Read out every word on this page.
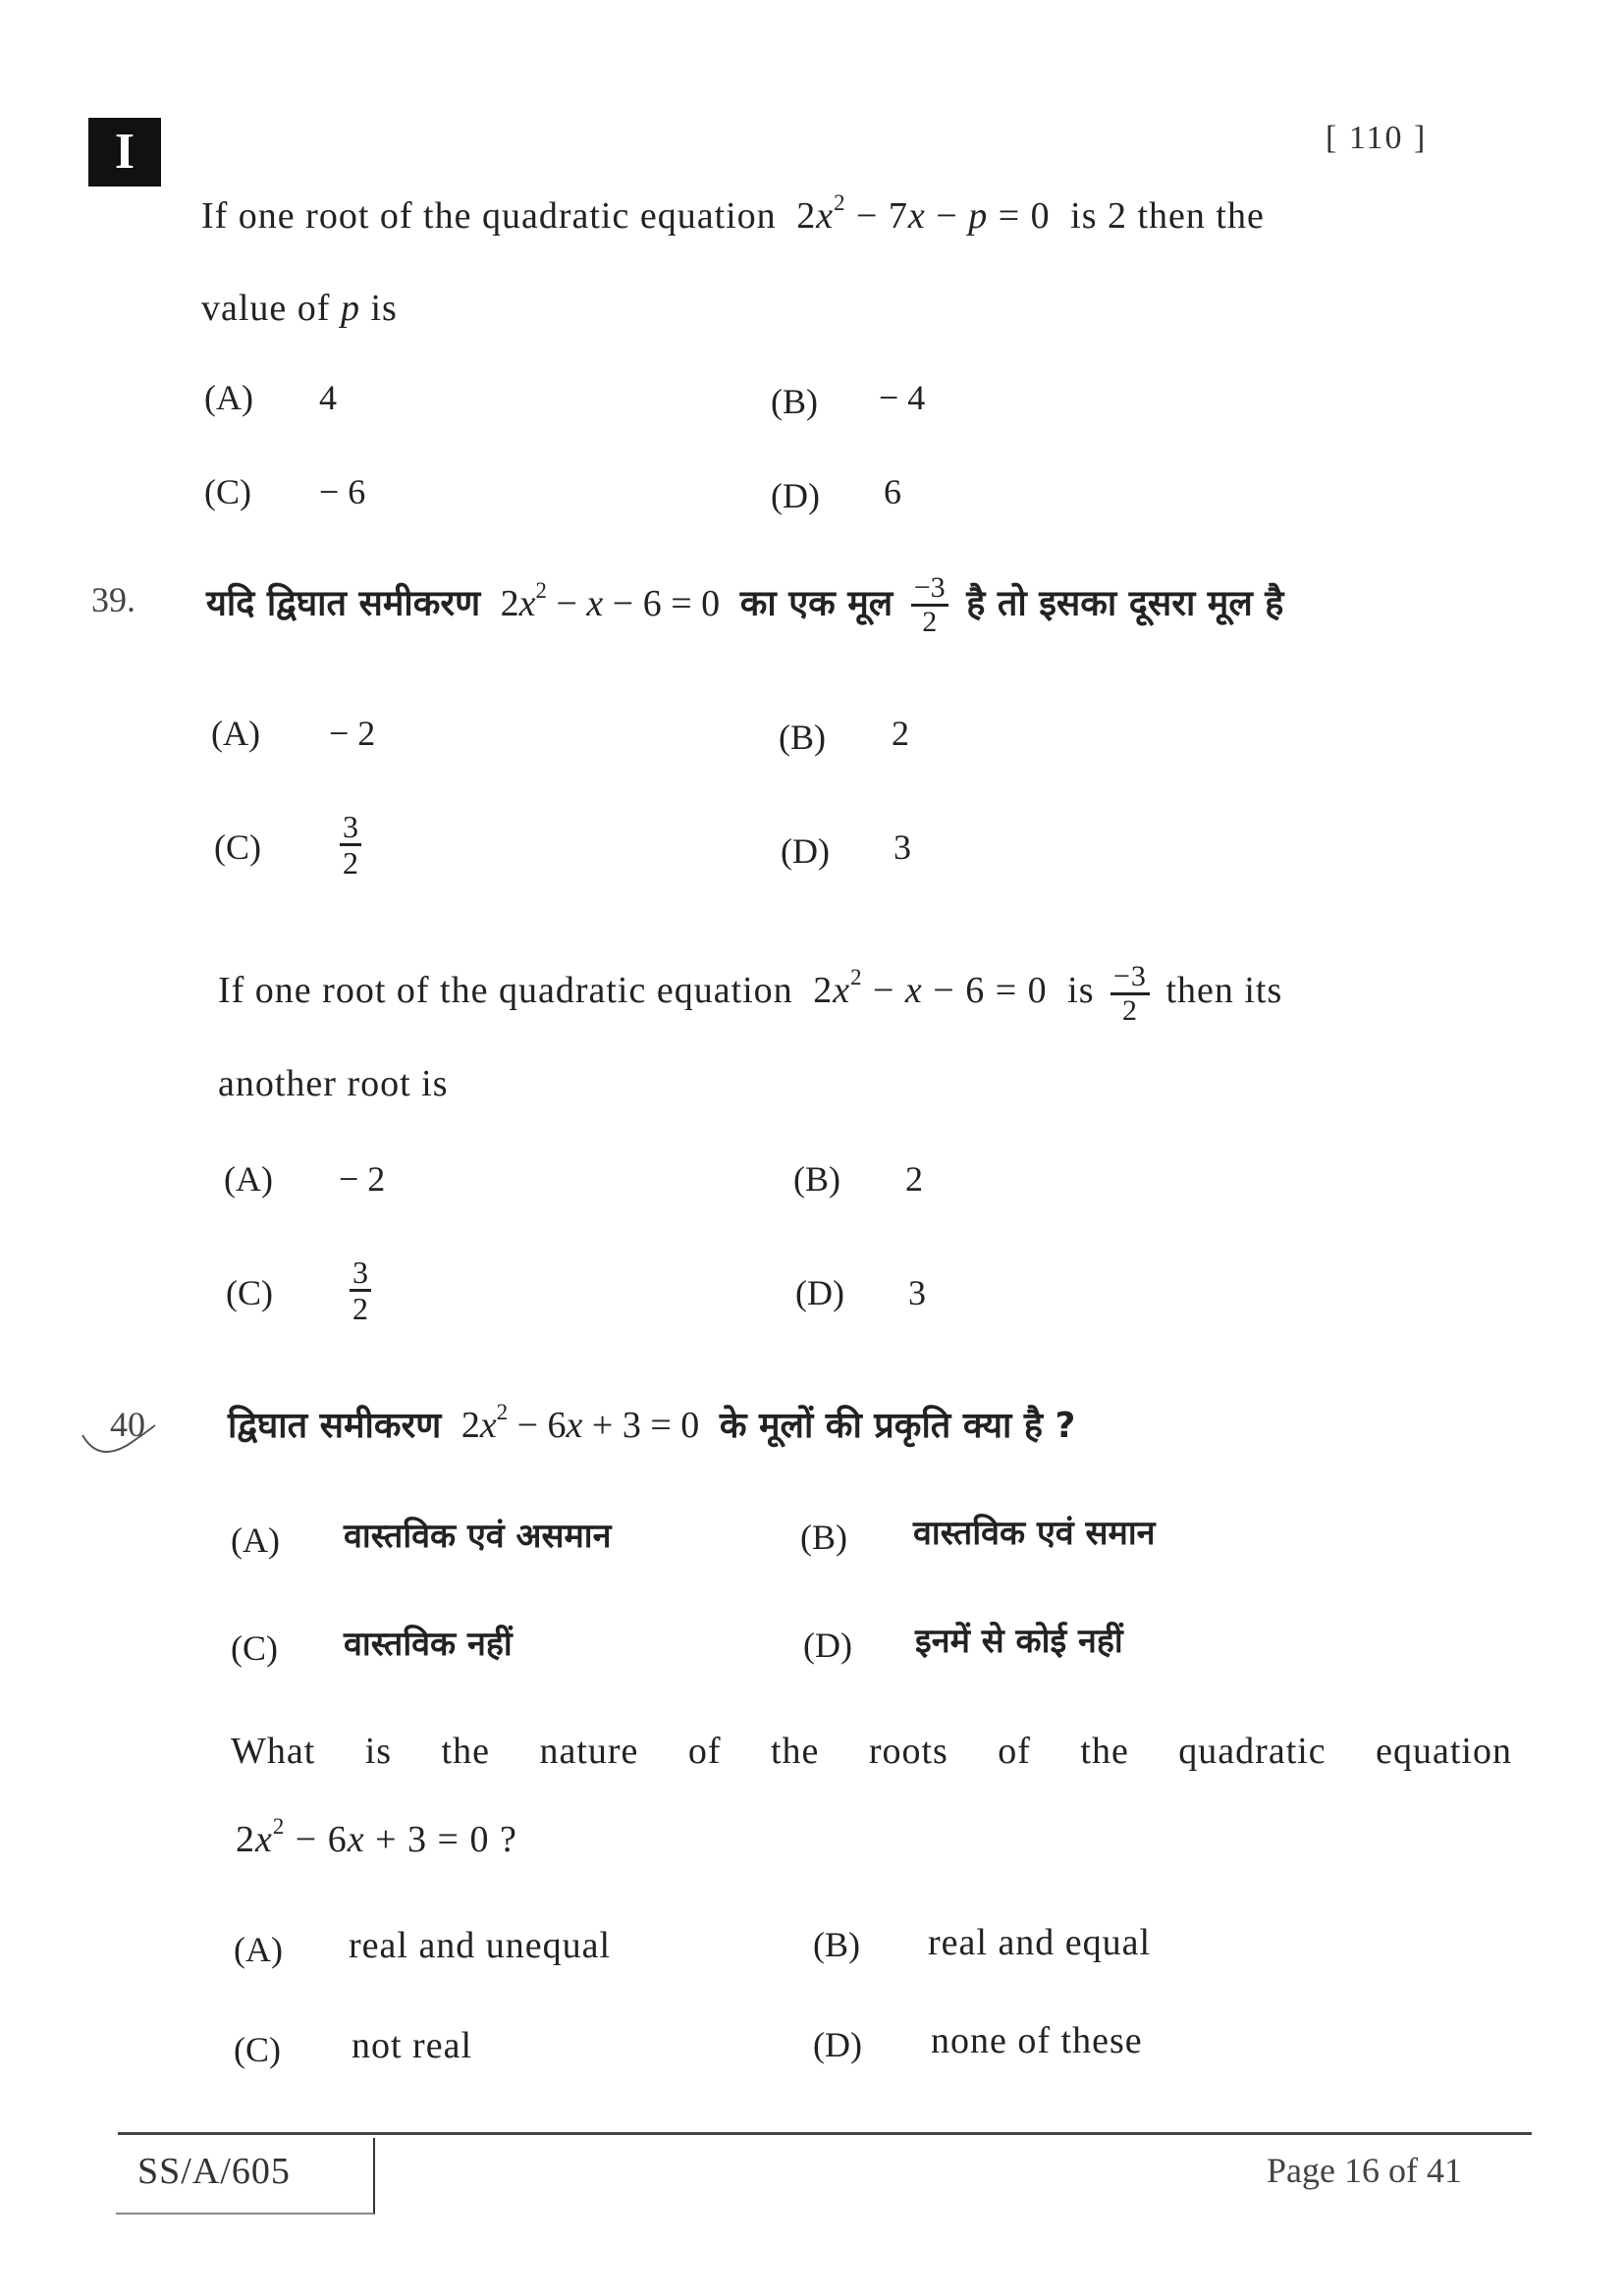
I	[ 110 ]
If one root of the quadratic equation $2x^2 - 7x - p = 0$ is 2 then the
value of p is
(A) 4	(B) − 4
(C) − 6	(D) 6
39. यदि द्विघात समीकरण $2x^2 - x - 6 = 0$ का एक मूल $\frac{-3}{2}$ है तो इसका दूसरा मूल है
(A) − 2	(B) 2
(C)	$\frac{3}{2}$	(D) 3
If one root of the quadratic equation $2x^2 - x - 6 = 0$ is $\frac{-3}{2}$ then its
another root is
(A) − 2	(B) 2
$(C) \frac{3}{2}$	(D) 3
40 द्विघात समीकरण $2x^2 - 6x + 3 = 0$ के मूलों की प्रकृति क्या है ?
(A) वास्तविक एवं असमान	(B) वास्तविक एवं समान
(C) वास्तविक नहीं	(D) इनमें से कोई नहीं
What is the nature of the roots of the quadratic equation
$2x^2 - 6x + 3 = 0$ ?
(A) real and unequal	(B) real and equal
(C) not real	(D) none of these
SS/A/605	Page 16 of 41
